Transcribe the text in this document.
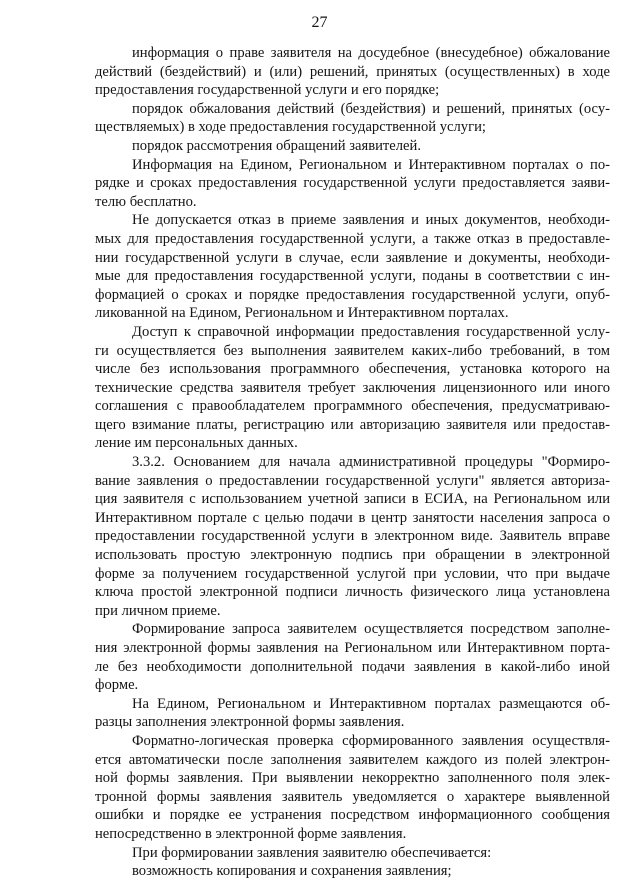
27
информация о праве заявителя на досудебное (внесудебное) обжалование
действий (бездействий) и (или) решений, принятых (осуществленных) в ходе
предоставления государственной услуги и его порядке;
порядок обжалования действий (бездействия) и решений, принятых (осу-
ществляемых) в ходе предоставления государственной услуги;
порядок рассмотрения обращений заявителей.
Информация на Едином, Региональном и Интерактивном порталах о по-
рядке и сроках предоставления государственной услуги предоставляется заяви-
телю бесплатно.
Не допускается отказ в приеме заявления и иных документов, необходи-
мых для предоставления государственной услуги, а также отказ в предоставле-
нии государственной услуги в случае, если заявление и документы, необходи-
мые для предоставления государственной услуги, поданы в соответствии с ин-
формацией о сроках и порядке предоставления государственной услуги, опуб-
ликованной на Едином, Региональном и Интерактивном порталах.
Доступ к справочной информации предоставления государственной услу-
ги осуществляется без выполнения заявителем каких-либо требований, в том
числе без использования программного обеспечения, установка которого на
технические средства заявителя требует заключения лицензионного или иного
соглашения с правообладателем программного обеспечения, предусматриваю-
щего взимание платы, регистрацию или авторизацию заявителя или предостав-
ление им персональных данных.
3.3.2. Основанием для начала административной процедуры "Формиро-
вание заявления о предоставлении государственной услуги" является авториза-
ция заявителя с использованием учетной записи в ЕСИА, на Региональном или
Интерактивном портале с целью подачи в центр занятости населения запроса о
предоставлении государственной услуги в электронном виде. Заявитель вправе
использовать простую электронную подпись при обращении в электронной
форме за получением государственной услугой при условии, что при выдаче
ключа простой электронной подписи личность физического лица установлена
при личном приеме.
Формирование запроса заявителем осуществляется посредством заполне-
ния электронной формы заявления на Региональном или Интерактивном порта-
ле без необходимости дополнительной подачи заявления в какой-либо иной
форме.
На Едином, Региональном и Интерактивном порталах размещаются об-
разцы заполнения электронной формы заявления.
Форматно-логическая проверка сформированного заявления осуществля-
ется автоматически после заполнения заявителем каждого из полей электрон-
ной формы заявления. При выявлении некорректно заполненного поля элек-
тронной формы заявления заявитель уведомляется о характере выявленной
ошибки и порядке ее устранения посредством информационного сообщения
непосредственно в электронной форме заявления.
При формировании заявления заявителю обеспечивается:
возможность копирования и сохранения заявления;
